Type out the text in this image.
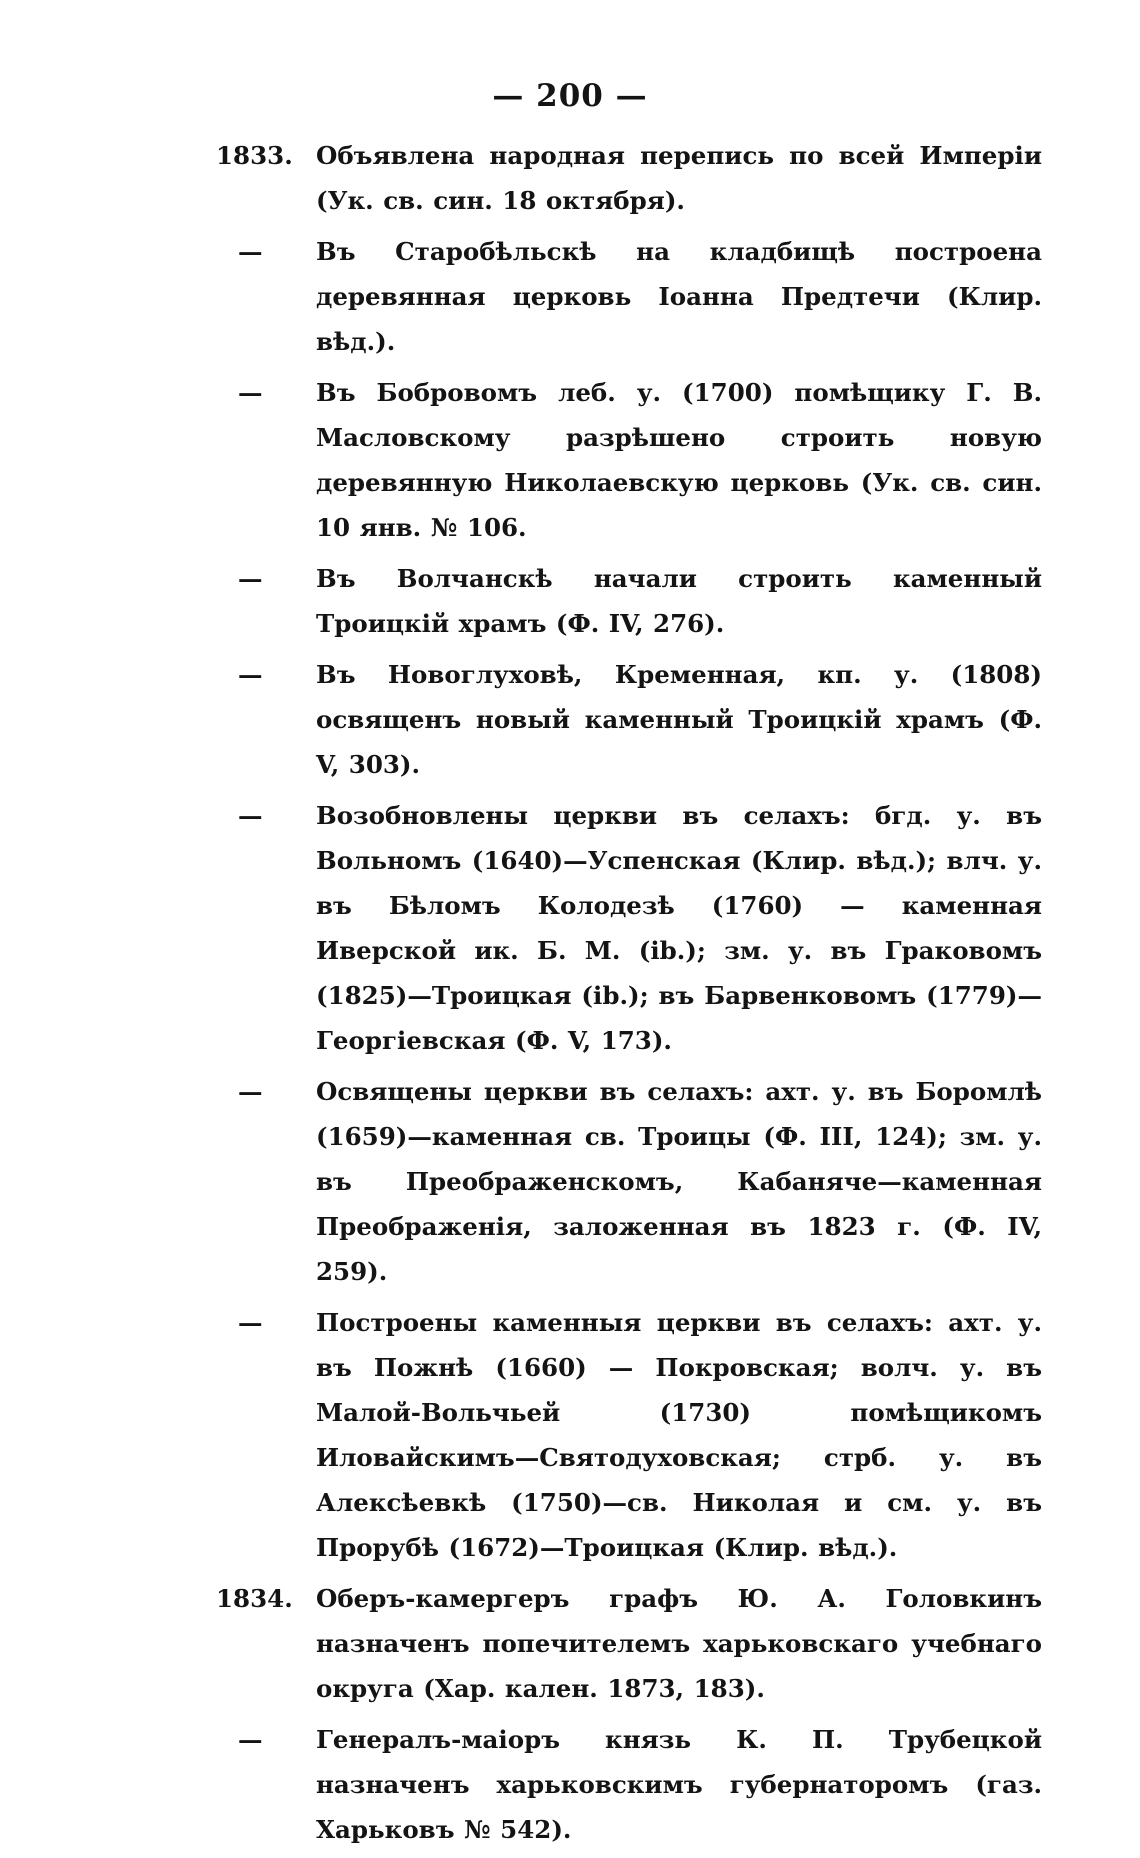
— 200 —
1833. Объявлена народная перепись по всей Имперіи (Ук. св. син. 18 октября).
—	Въ Старобѣльскѣ на кладбищѣ построена деревянная церковь Іоанна Предтечи (Клир. вѣд.).
—	Въ Бобровомъ леб. у. (1700) помѣщику Г. В. Масловскому разрѣшено строить новую деревянную Николаевскую церковь (Ук. св. син. 10 янв. № 106.
—	Въ Волчанскѣ начали строить каменный Троицкій храмъ (Ф. IV, 276).
—	Въ Новоглуховѣ, Кременная, кп. у. (1808) освященъ новый каменный Троицкій храмъ (Ф. V, 303).
—	Возобновлены церкви въ селахъ: бгд. у. въ Вольномъ (1640)—Успенская (Клир. вѣд.); влч. у. въ Бѣломъ Колодезѣ (1760) — каменная Иверской ик. Б. М. (ib.); зм. у. въ Граковомъ (1825)—Троицкая (ib.); въ Барвенковомъ (1779)—Георгіевская (Ф. V, 173).
—	Освящены церкви въ селахъ: ахт. у. въ Боромлѣ (1659)—каменная св. Троицы (Ф. III, 124); зм. у. въ Преображенскомъ, Кабаняче—каменная Преображенія, заложенная въ 1823 г. (Ф. IV, 259).
—	Построены каменныя церкви въ селахъ: ахт. у. въ Пожнѣ (1660) — Покровская; волч. у. въ Малой-Вольчьей (1730) помѣщикомъ Иловайскимъ—Святодуховская; стрб. у. въ Алексѣевкѣ (1750)—св. Николая и см. у. въ Прорубѣ (1672)—Троицкая (Клир. вѣд.).
1834. Оберъ-камергеръ графъ Ю. А. Головкинъ назначенъ попечителемъ харьковскаго учебнаго округа (Хар. кален. 1873, 183).
—	Генералъ-маіоръ князь К. П. Трубецкой назначенъ харьковскимъ губернаторомъ (газ. Харьковъ № 542).
